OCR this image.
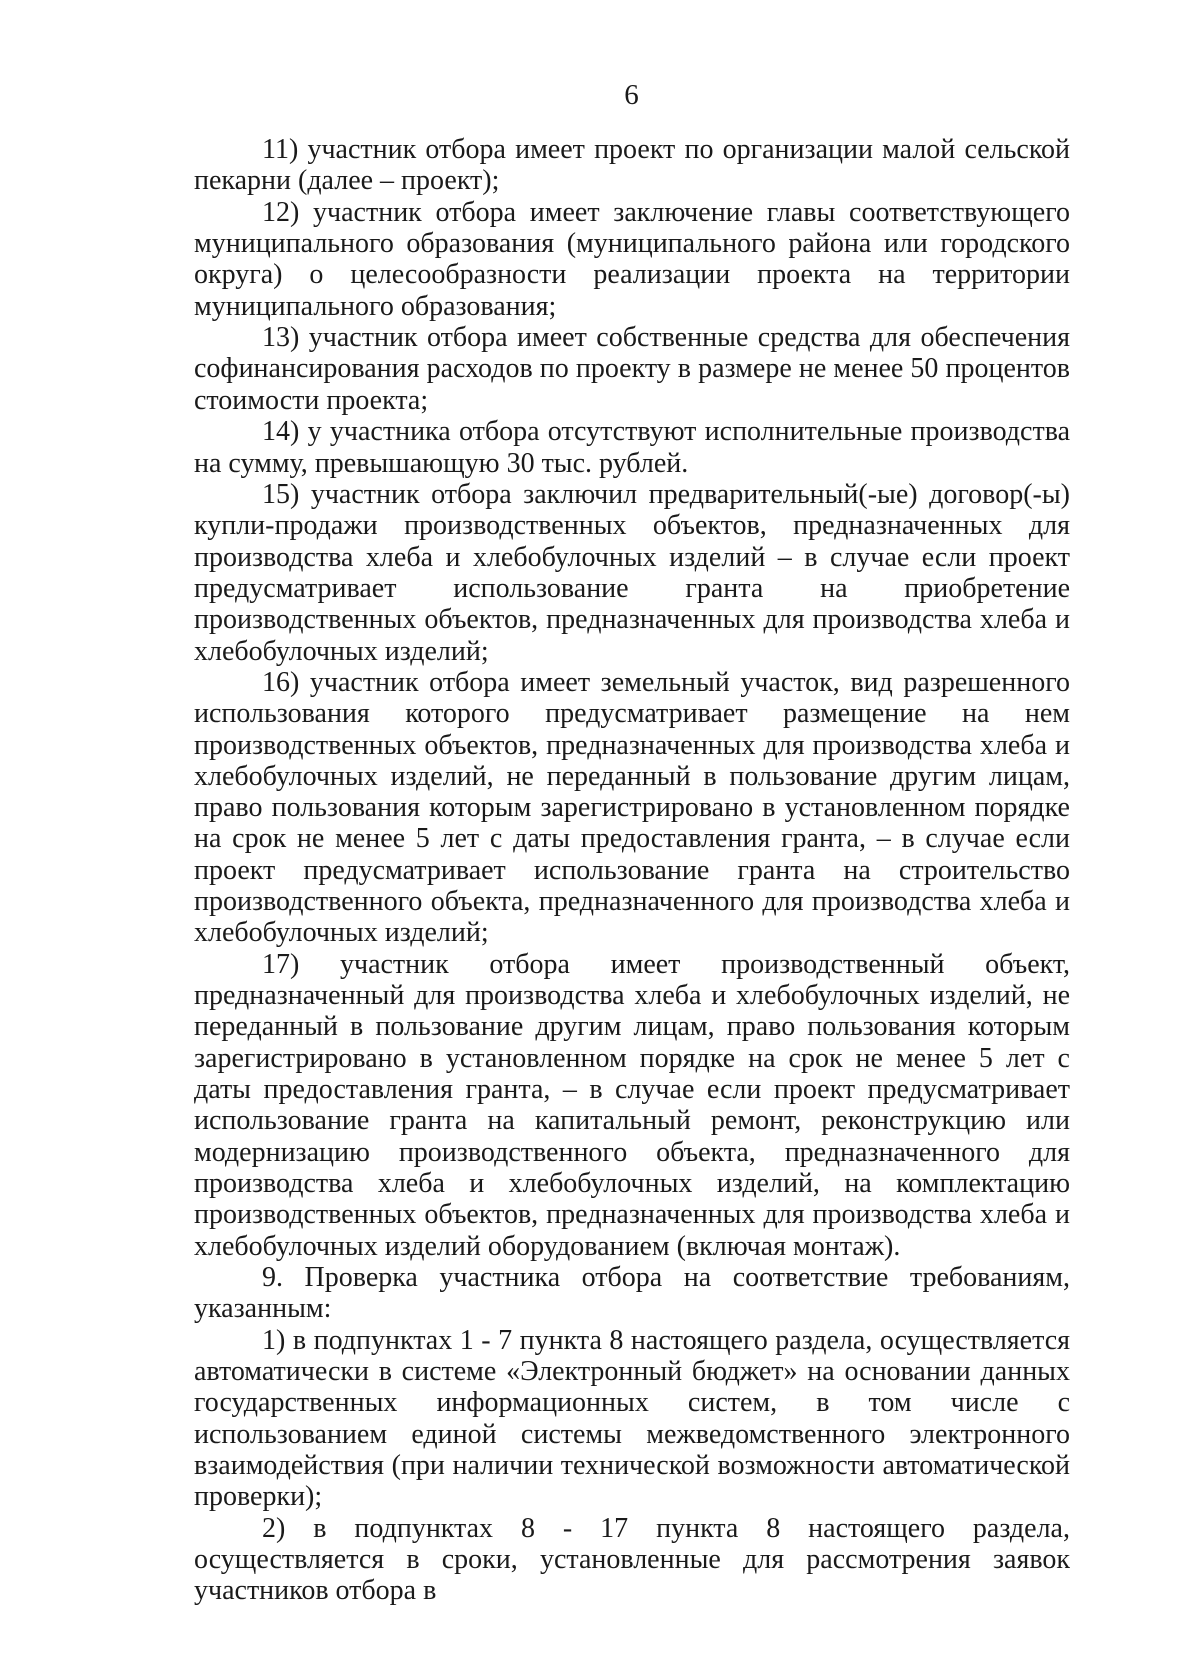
6

11) участник отбора имеет проект по организации малой сельской пекарни (далее – проект);

12) участник отбора имеет заключение главы соответствующего муниципального образования (муниципального района или городского округа) о целесообразности реализации проекта на территории муниципального образования;

13) участник отбора имеет собственные средства для обеспечения софинансирования расходов по проекту в размере не менее 50 процентов стоимости проекта;

14) у участника отбора отсутствуют исполнительные производства на сумму, превышающую 30 тыс. рублей.

15) участник отбора заключил предварительный(-ые) договор(-ы) купли-продажи производственных объектов, предназначенных для производства хлеба и хлебобулочных изделий – в случае если проект предусматривает использование гранта на приобретение производственных объектов, предназначенных для производства хлеба и хлебобулочных изделий;

16) участник отбора имеет земельный участок, вид разрешенного использования которого предусматривает размещение на нем производственных объектов, предназначенных для производства хлеба и хлебобулочных изделий, не переданный в пользование другим лицам, право пользования которым зарегистрировано в установленном порядке на срок не менее 5 лет с даты предоставления гранта, – в случае если проект предусматривает использование гранта на строительство производственного объекта, предназначенного для производства хлеба и хлебобулочных изделий;

17) участник отбора имеет производственный объект, предназначенный для производства хлеба и хлебобулочных изделий, не переданный в пользование другим лицам, право пользования которым зарегистрировано в установленном порядке на срок не менее 5 лет с даты предоставления гранта, – в случае если проект предусматривает использование гранта на капитальный ремонт, реконструкцию или модернизацию производственного объекта, предназначенного для производства хлеба и хлебобулочных изделий, на комплектацию производственных объектов, предназначенных для производства хлеба и хлебобулочных изделий оборудованием (включая монтаж).

9. Проверка участника отбора на соответствие требованиям, указанным:

1) в подпунктах 1 - 7 пункта 8 настоящего раздела, осуществляется автоматически в системе «Электронный бюджет» на основании данных государственных информационных систем, в том числе с использованием единой системы межведомственного электронного взаимодействия (при наличии технической возможности автоматической проверки);

2) в подпунктах 8 - 17 пункта 8 настоящего раздела, осуществляется в сроки, установленные для рассмотрения заявок участников отбора в
